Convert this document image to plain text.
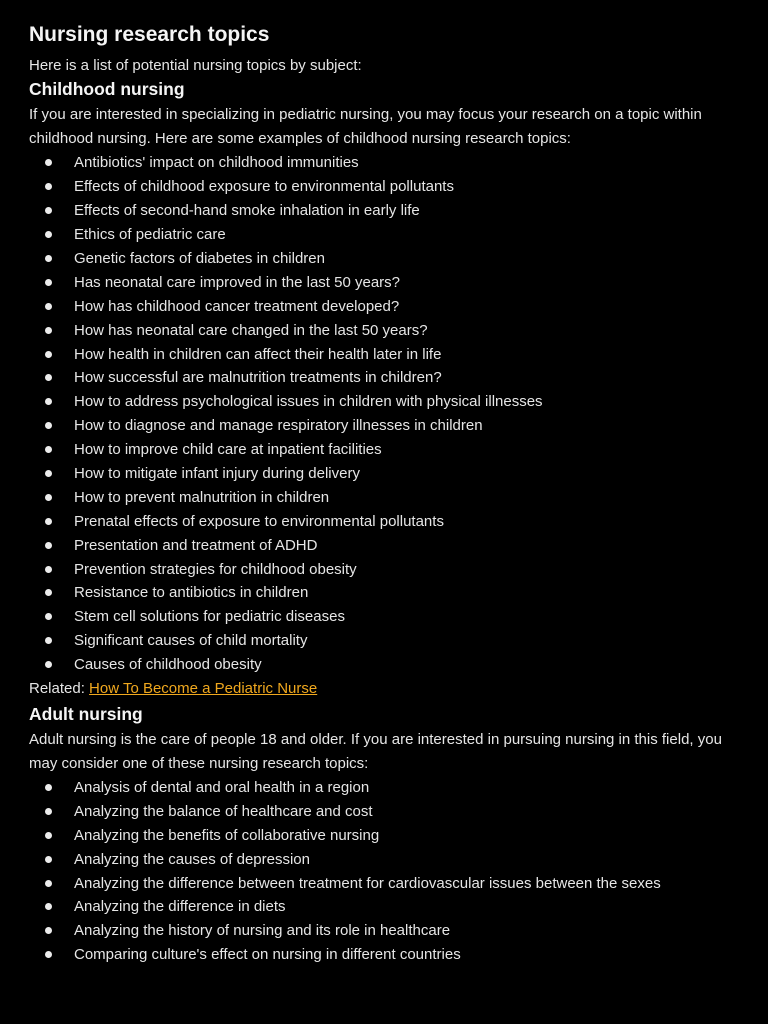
Nursing research topics

Here is a list of potential nursing topics by subject:

Childhood nursing

If you are interested in specializing in pediatric nursing, you may focus your research on a topic within childhood nursing. Here are some examples of childhood nursing research topics:

Antibiotics' impact on childhood immunities
Effects of childhood exposure to environmental pollutants
Effects of second-hand smoke inhalation in early life
Ethics of pediatric care
Genetic factors of diabetes in children
Has neonatal care improved in the last 50 years?
How has childhood cancer treatment developed?
How has neonatal care changed in the last 50 years?
How health in children can affect their health later in life
How successful are malnutrition treatments in children?
How to address psychological issues in children with physical illnesses
How to diagnose and manage respiratory illnesses in children
How to improve child care at inpatient facilities
How to mitigate infant injury during delivery
How to prevent malnutrition in children
Prenatal effects of exposure to environmental pollutants
Presentation and treatment of ADHD
Prevention strategies for childhood obesity
Resistance to antibiotics in children
Stem cell solutions for pediatric diseases
Significant causes of child mortality
Causes of childhood obesity

Related: How To Become a Pediatric Nurse

Adult nursing

Adult nursing is the care of people 18 and older. If you are interested in pursuing nursing in this field, you may consider one of these nursing research topics:

Analysis of dental and oral health in a region
Analyzing the balance of healthcare and cost
Analyzing the benefits of collaborative nursing
Analyzing the causes of depression
Analyzing the difference between treatment for cardiovascular issues between the sexes
Analyzing the difference in diets
Analyzing the history of nursing and its role in healthcare
Comparing culture's effect on nursing in different countries
